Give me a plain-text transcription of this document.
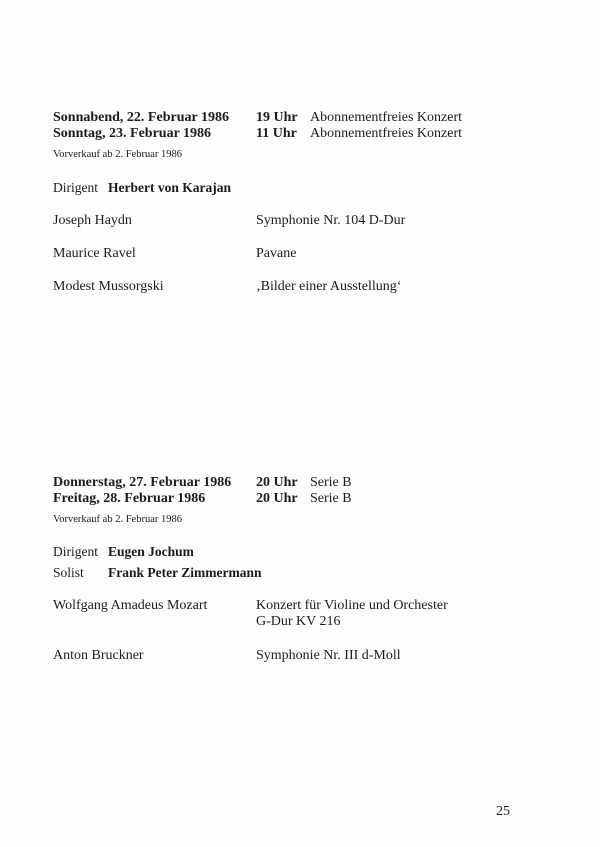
Sonnabend, 22. Februar 1986 19 Uhr Abonnementfreies Konzert
Sonntag, 23. Februar 1986	11 Uhr Abonnementfreies Konzert
Vorverkauf ab 2. Februar 1986
Dirigent Herbert von Karajan
Joseph Haydn	Symphonie Nr. 104 D-Dur
Maurice Ravel	Pavane
Modest Mussorgski	‚Bilder einer Ausstellung‘
Donnerstag, 27. Februar 1986 20 Uhr Serie B
Freitag, 28. Februar 1986	20 Uhr Serie B
Vorverkauf ab 2. Februar 1986
Dirigent Eugen Jochum
Solist Frank Peter Zimmermann
Wolfgang Amadeus Mozart	Konzert für Violine und Orchester
G-Dur KV 216
Anton Bruckner	Symphonie Nr. III d-Moll
25
